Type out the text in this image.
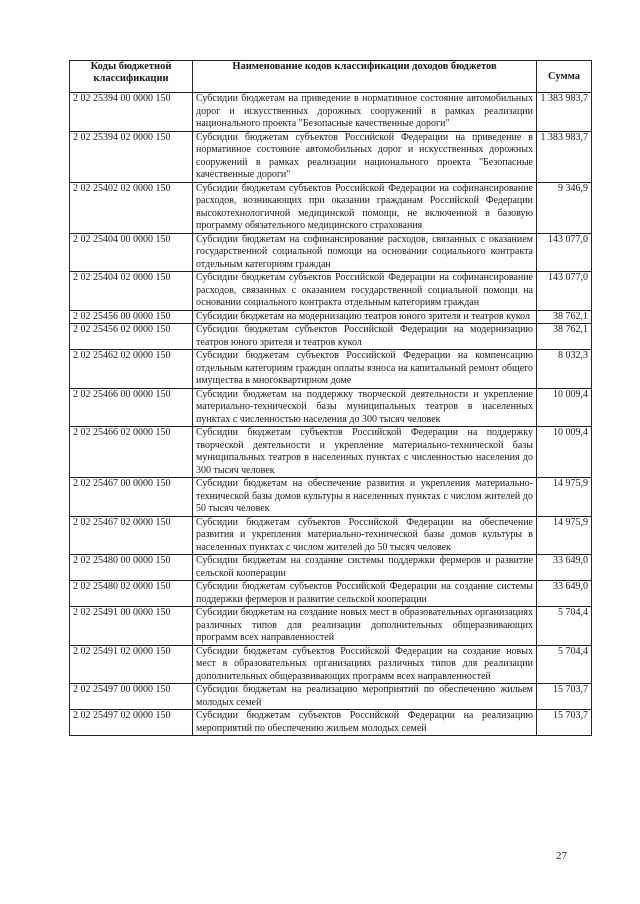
Коды бюджетной классификации	Наименование кодов классификации доходов бюджетов	Сумма
2 02 25394 00 0000 150	Субсидии бюджетам на приведение в нормативное состояние автомобильных дорог и искусственных дорожных сооружений в рамках реализации национального проекта "Безопасные качественные дороги"	1 383 983,7
2 02 25394 02 0000 150	Субсидии бюджетам субъектов Российской Федерации на приведение в нормативное состояние автомобильных дорог и искусственных дорожных сооружений в рамках реализации национального проекта "Безопасные качественные дороги"	1 383 983,7
2 02 25402 02 0000 150	Субсидии бюджетам субъектов Российской Федерации на софинансирование расходов, возникающих при оказании гражданам Российской Федерации высокотехнологичной медицинской помощи, не включенной в базовую программу обязательного медицинского страхования	9 346,9
2 02 25404 00 0000 150	Субсидии бюджетам на софинансирование расходов, связанных с оказанием государственной социальной помощи на основании социального контракта отдельным категориям граждан	143 077,0
2 02 25404 02 0000 150	Субсидии бюджетам субъектов Российской Федерации на софинансирование расходов, связанных с оказанием государственной социальной помощи на основании социального контракта отдельным категориям граждан	143 077,0
2 02 25456 00 0000 150	Субсидии бюджетам на модернизацию театров юного зрителя и театров кукол	38 762,1
2 02 25456 02 0000 150	Субсидии бюджетам субъектов Российской Федерации на модернизацию театров юного зрителя и театров кукол	38 762,1
2 02 25462 02 0000 150	Субсидии бюджетам субъектов Российской Федерации на компенсацию отдельным категориям граждан оплаты взноса на капитальный ремонт общего имущества в многоквартирном доме	8 032,3
2 02 25466 00 0000 150	Субсидии бюджетам на поддержку творческой деятельности и укрепление материально-технической базы муниципальных театров в населенных пунктах с численностью населения до 300 тысяч человек	10 009,4
2 02 25466 02 0000 150	Субсидии бюджетам субъектов Российской Федерации на поддержку творческой деятельности и укрепление материально-технической базы муниципальных театров в населенных пунктах с численностью населения до 300 тысяч человек	10 009,4
2 02 25467 00 0000 150	Субсидии бюджетам на обеспечение развития и укрепления материально-технической базы домов культуры в населенных пунктах с числом жителей до 50 тысяч человек	14 975,9
2 02 25467 02 0000 150	Субсидии бюджетам субъектов Российской Федерации на обеспечение развития и укрепления материально-технической базы домов культуры в населенных пунктах с числом жителей до 50 тысяч человек	14 975,9
2 02 25480 00 0000 150	Субсидии бюджетам на создание системы поддержки фермеров и развитие сельской кооперации	33 649,0
2 02 25480 02 0000 150	Субсидии бюджетам субъектов Российской Федерации на создание системы поддержки фермеров и развитие сельской кооперации	33 649,0
2 02 25491 00 0000 150	Субсидии бюджетам на создание новых мест в образовательных организациях различных типов для реализации дополнительных общеразвивающих программ всех направленностей	5 704,4
2 02 25491 02 0000 150	Субсидии бюджетам субъектов Российской Федерации на создание новых мест в образовательных организациях различных типов для реализации дополнительных общеразвивающих программ всех направленностей	5 704,4
2 02 25497 00 0000 150	Субсидии бюджетам на реализацию мероприятий по обеспечению жильем молодых семей	15 703,7
2 02 25497 02 0000 150	Субсидии бюджетам субъектов Российской Федерации на реализацию мероприятий по обеспечению жильем молодых семей	15 703,7
27
